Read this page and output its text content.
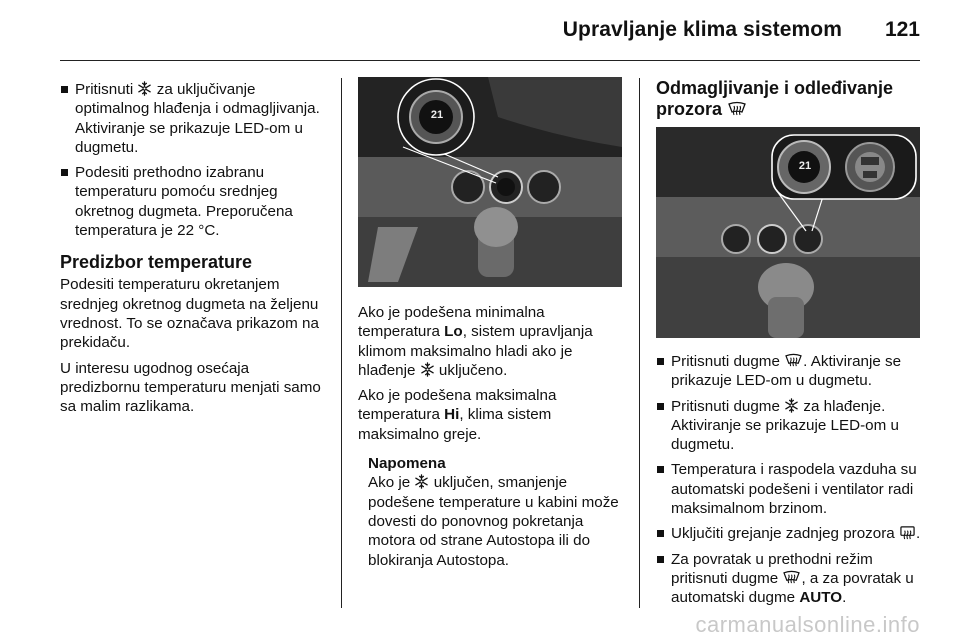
Upravljanje klima sistemom 121
Pritisnuti za uključivanje optimalnog hlađenja i odmagljivanja. Aktiviranje se prikazuje LED-om u dugmetu.
Podesiti prethodno izabranu temperaturu pomoću srednjeg okretnog dugmeta. Preporučena temperatura je 22 °C.
Predizbor temperature

Podesiti temperaturu okretanjem srednjeg okretnog dugmeta na željenu vrednost. To se označava prikazom na prekidaču.

U interesu ugodnog osećaja predizbornu temperaturu menjati samo sa malim razlikama.

21

Ako je podešena minimalna temperatura Lo, sistem upravljanja klimom maksimalno hladi ako je hlađenje uključeno.

Ako je podešena maksimalna temperatura Hi, klima sistem maksimalno greje.

Napomena
Ako je uključen, smanjenje podešene temperature u kabini može dovesti do ponovnog pokretanja motora od strane Autostopa ili do blokiranja Autostopa.
Odmagljivanje i odleđivanje prozora
21
Pritisnuti dugme . Aktiviranje se prikazuje LED-om u dugmetu.
Pritisnuti dugme za hlađenje. Aktiviranje se prikazuje LED-om u dugmetu.
Temperatura i raspodela vazduha su automatski podešeni i ventilator radi maksimalnom brzinom.
Uključiti grejanje zadnjeg prozora .
Za povratak u prethodni režim pritisnuti dugme , a za povratak u automatski dugme AUTO.
carmanualsonline.info
